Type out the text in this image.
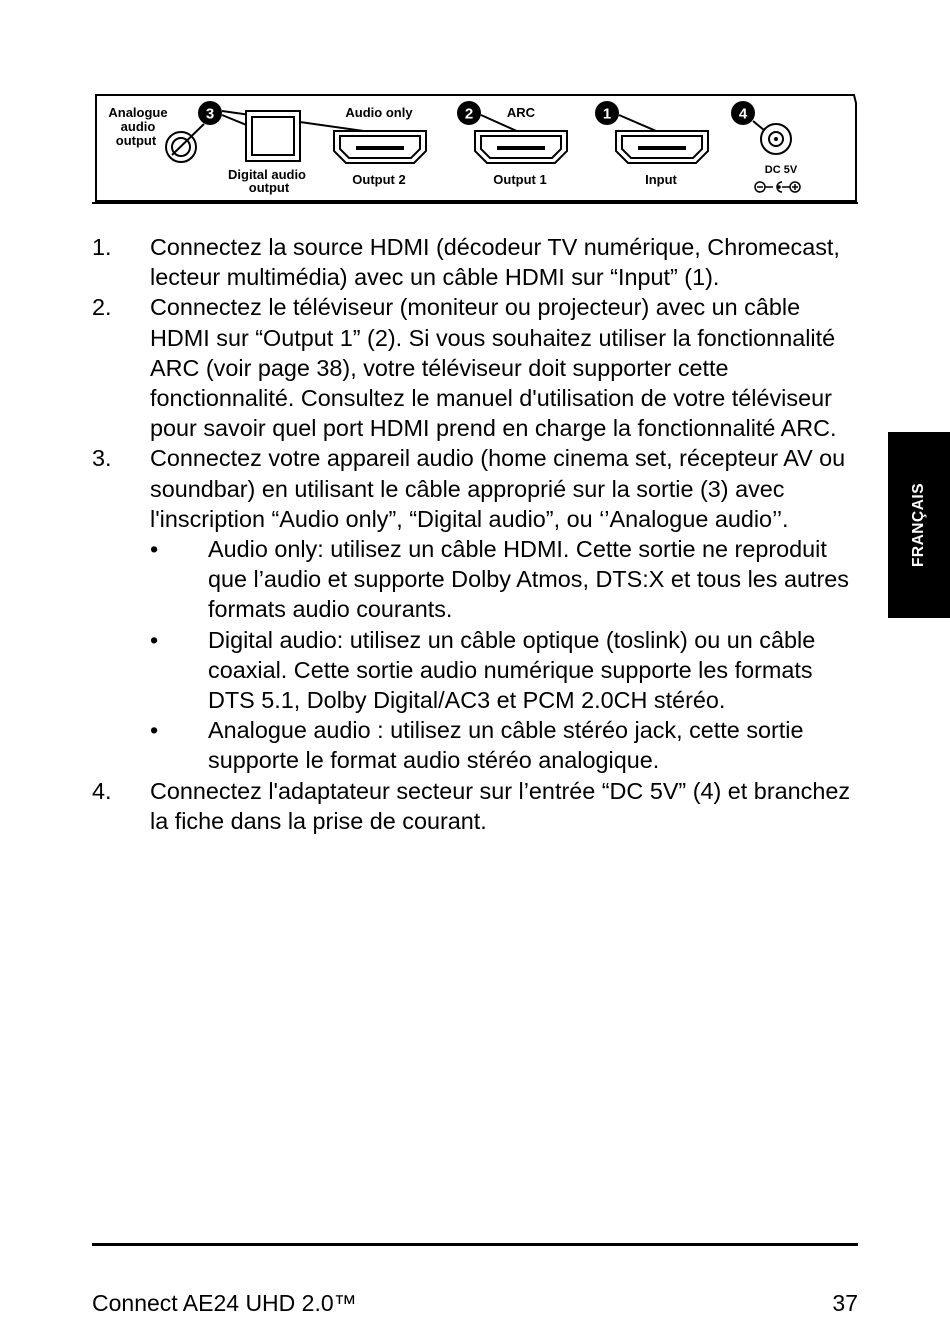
Analogue
audio
output
3
Digital audio
output
Audio only
Output 2
2	ARC
Output 1
1
Input
4
DC 5V
1. Connectez la source HDMI (décodeur TV numérique, Chromecast, lecteur multimédia) avec un câble HDMI sur “Input” (1).
2. Connectez le téléviseur (moniteur ou projecteur) avec un câble HDMI sur “Output 1” (2). Si vous souhaitez utiliser la fonctionnalité ARC (voir page 38), votre téléviseur doit supporter cette fonctionnalité. Consultez le manuel d'utilisation de votre téléviseur pour savoir quel port HDMI prend en charge la fonctionnalité ARC.
3. Connectez votre appareil audio (home cinema set, récepteur AV ou soundbar) en utilisant le câble approprié sur la sortie (3) avec l'inscription “Audio only”, “Digital audio”, ou ‘’Analogue audio’’.
• Audio only: utilisez un câble HDMI. Cette sortie ne reproduit que l’audio et supporte Dolby Atmos, DTS:X et tous les autres formats audio courants.
• Digital audio: utilisez un câble optique (toslink) ou un câble coaxial. Cette sortie audio numérique supporte les formats DTS 5.1, Dolby Digital/AC3 et PCM 2.0CH stéréo.
• Analogue audio : utilisez un câble stéréo jack, cette sortie supporte le format audio stéréo analogique.
4. Connectez l'adaptateur secteur sur l’entrée “DC 5V” (4) et branchez la fiche dans la prise de courant.
FRANÇAIS
Connect AE24 UHD 2.0™	37
